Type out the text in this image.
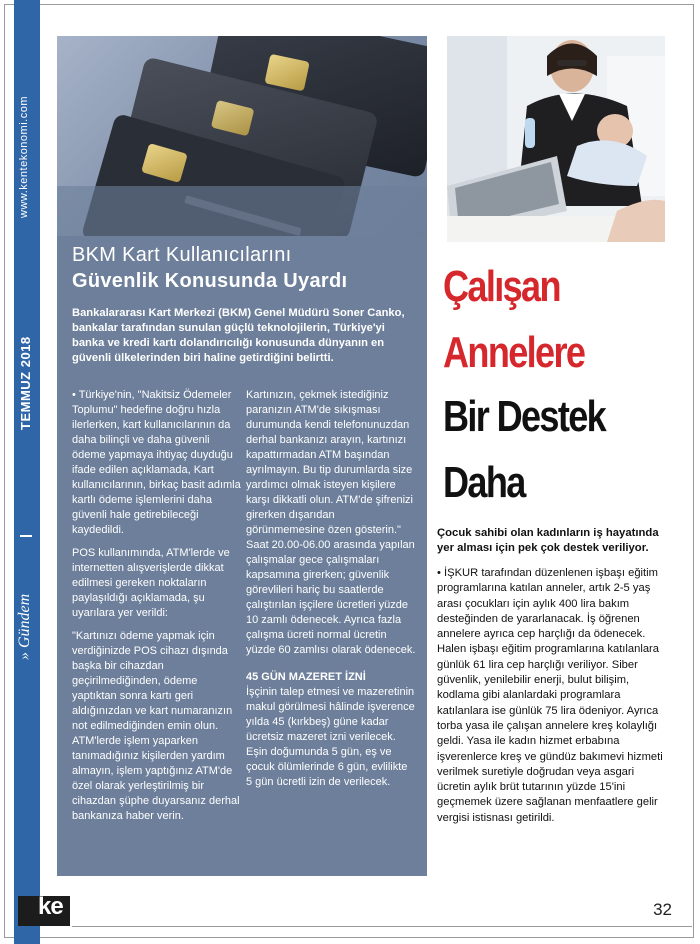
www.kentekonomi.com
TEMMUZ 2018
» Gündem
ke	32
BKM Kart Kullanıcılarını
Güvenlik Konusunda Uyardı
Bankalararası Kart Merkezi (BKM) Genel Müdürü Soner Canko, bankalar tarafından sunulan güçlü teknolojilerin, Türkiye'yi banka ve kredi kartı dolandırıcılığı konusunda dünyanın en güvenli ülkelerinden biri haline getirdiğini belirtti.

• Türkiye'nin, "Nakitsiz Ödemeler Toplumu" hedefine doğru hızla ilerlerken, kart kullanıcılarının da daha bilinçli ve daha güvenli ödeme yapmaya ihtiyaç duyduğu ifade edilen açıklamada, Kart kullanıcılarının, birkaç basit adımla kartlı ödeme işlemlerini daha güvenli hale getirebileceği kaydedildi.

POS kullanımında, ATM'lerde ve internetten alışverişlerde dikkat edilmesi gereken noktaların paylaşıldığı açıklamada, şu uyarılara yer verildi:

"Kartınızı ödeme yapmak için verdiğinizde POS cihazı dışında başka bir cihazdan geçirilmediğinden, ödeme yaptıktan sonra kartı geri aldığınızdan ve kart numaranızın not edilmediğinden emin olun. ATM'lerde işlem yaparken tanımadığınız kişilerden yardım almayın, işlem yaptığınız ATM'de özel olarak yerleştirilmiş bir cihazdan şüphe duyarsanız derhal bankanıza haber verin.

Kartınızın, çekmek istediğiniz paranızın ATM'de sıkışması durumunda kendi telefonunuzdan derhal bankanızı arayın, kartınızı kapattırmadan ATM başından ayrılmayın. Bu tip durumlarda size yardımcı olmak isteyen kişilere karşı dikkatli olun. ATM'de şifrenizi girerken dışarıdan görünmemesine özen gösterin."

Saat 20.00-06.00 arasında yapılan çalışmalar gece çalışmaları kapsamına girerken; güvenlik görevlileri hariç bu saatlerde çalıştırılan işçilere ücretleri yüzde 10 zamlı ödenecek. Ayrıca fazla çalışma ücreti normal ücretin yüzde 60 zamlısı olarak ödenecek.

45 GÜN MAZERET İZNİ

İşçinin talep etmesi ve mazeretinin makul görülmesi hâlinde işverence yılda 45 (kırkbeş) güne kadar ücretsiz mazeret izni verilecek.

Eşin doğumunda 5 gün, eş ve çocuk ölümlerinde 6 gün, evlilikte 5 gün ücretli izin de verilecek.

Çalışan
Annelere
Bir Destek
Daha
Çocuk sahibi olan kadınların iş hayatında yer alması için pek çok destek veriliyor.
• İŞKUR tarafından düzenlenen işbaşı eğitim programlarına katılan anneler, artık 2-5 yaş arası çocukları için aylık 400 lira bakım desteğinden de yararlanacak. İş öğrenen annelere ayrıca cep harçlığı da ödenecek. Halen işbaşı eğitim programlarına katılanlara günlük 61 lira cep harçlığı veriliyor. Siber güvenlik, yenilebilir enerji, bulut bilişim, kodlama gibi alanlardaki programlara katılanlara ise günlük 75 lira ödeniyor. Ayrıca torba yasa ile çalışan annelere kreş kolaylığı geldi. Yasa ile kadın hizmet erbabına işverenlerce kreş ve gündüz bakımevi hizmeti verilmek suretiyle doğrudan veya asgari ücretin aylık brüt tutarının yüzde 15'ini geçmemek üzere sağlanan menfaatlere gelir vergisi istisnası getirildi.
